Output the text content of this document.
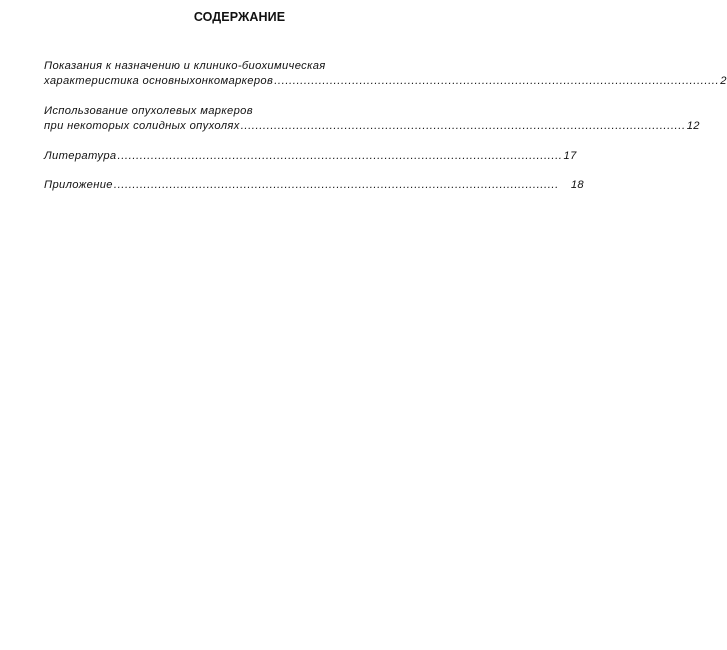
СОДЕРЖАНИЕ
Показания к назначению и клинико-биохимическая
характеристика основныхонкомаркеров ........................................................................................................................ 2
Использование опухолевых маркеров
при некоторых солидных опухолях ........................................................................................................................ 12
Литература ........................................................................................................................ 17
Приложение ........................................................................................................................ 18
